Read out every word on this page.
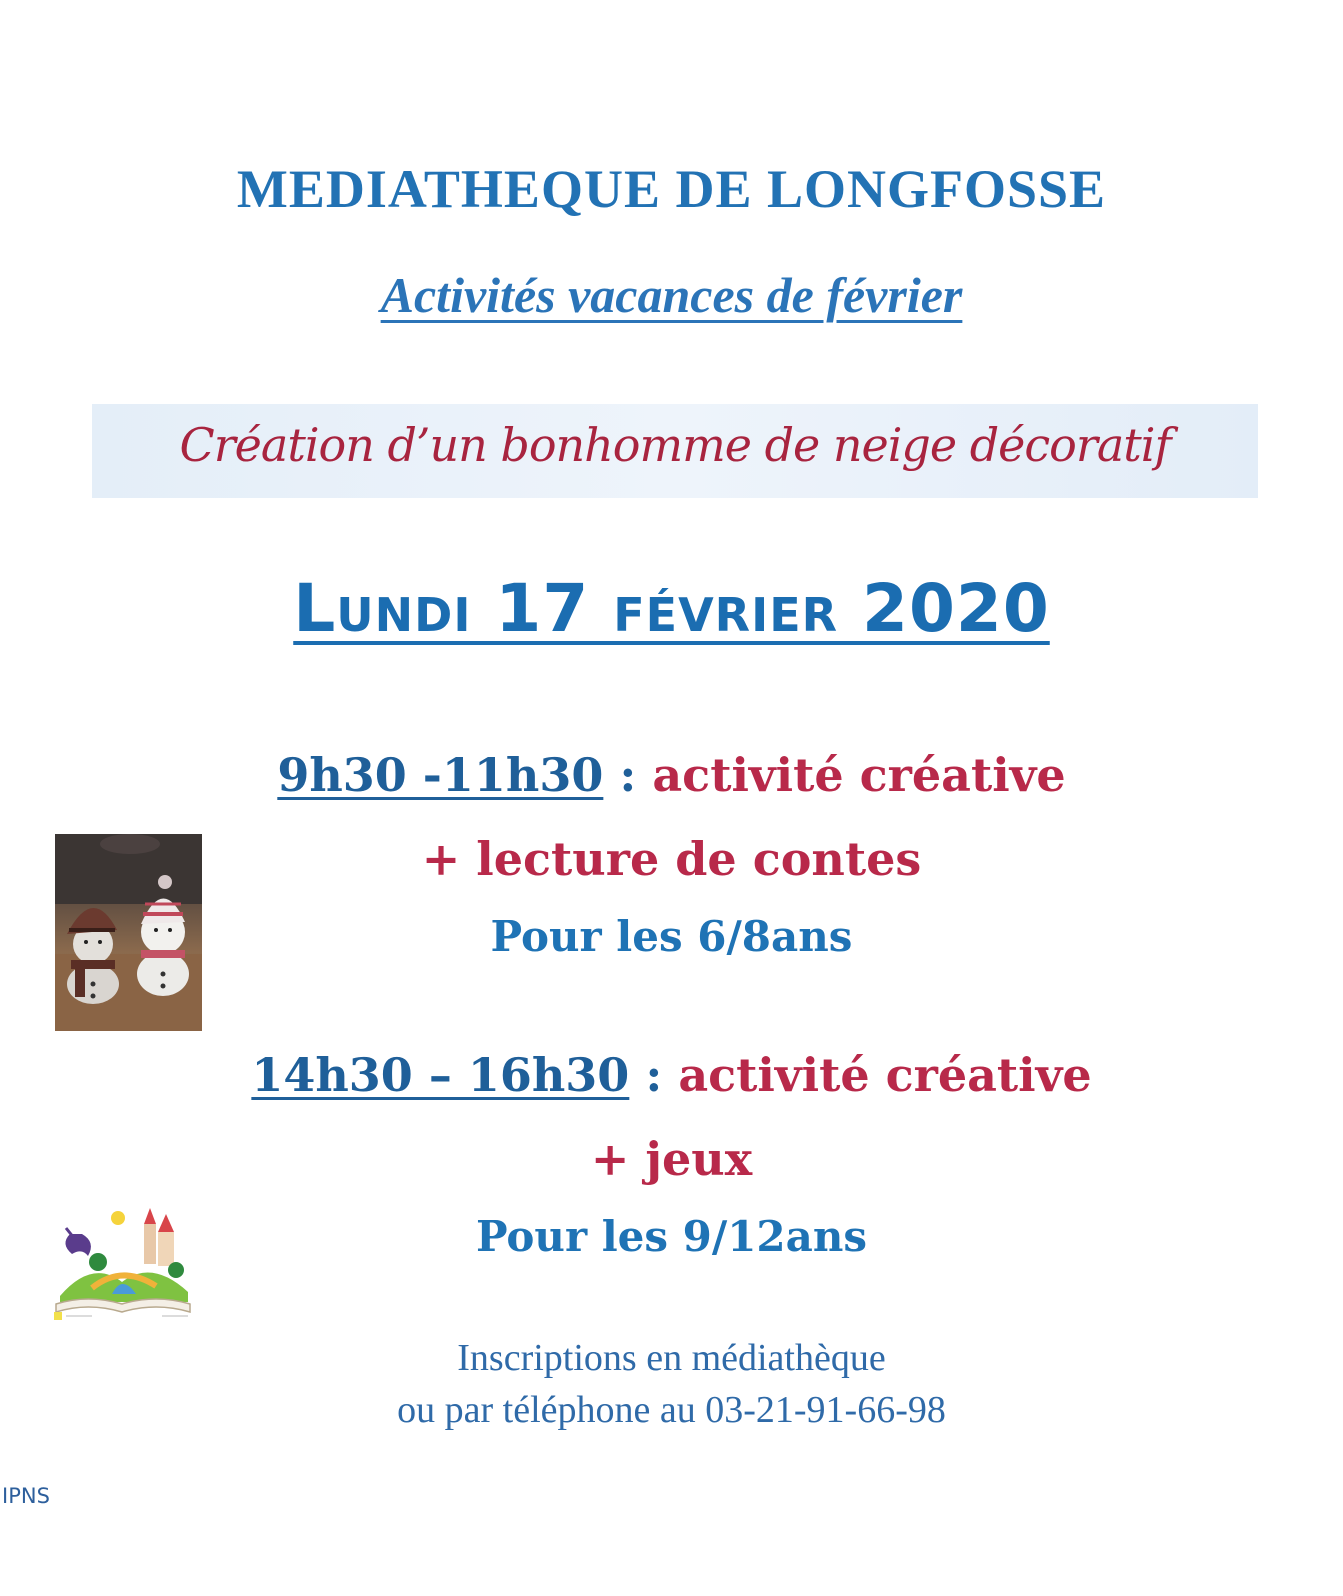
MEDIATHEQUE DE LONGFOSSE
Activités vacances de février
Création d’un bonhomme de neige décoratif
Lundi 17 février 2020
9h30 -11h30 : activité créative
+ lecture de contes
Pour les 6/8ans
14h30 – 16h30 : activité créative
+ jeux
Pour les 9/12ans
Inscriptions en médiathèque
ou par téléphone au 03-21-91-66-98
IPNS
